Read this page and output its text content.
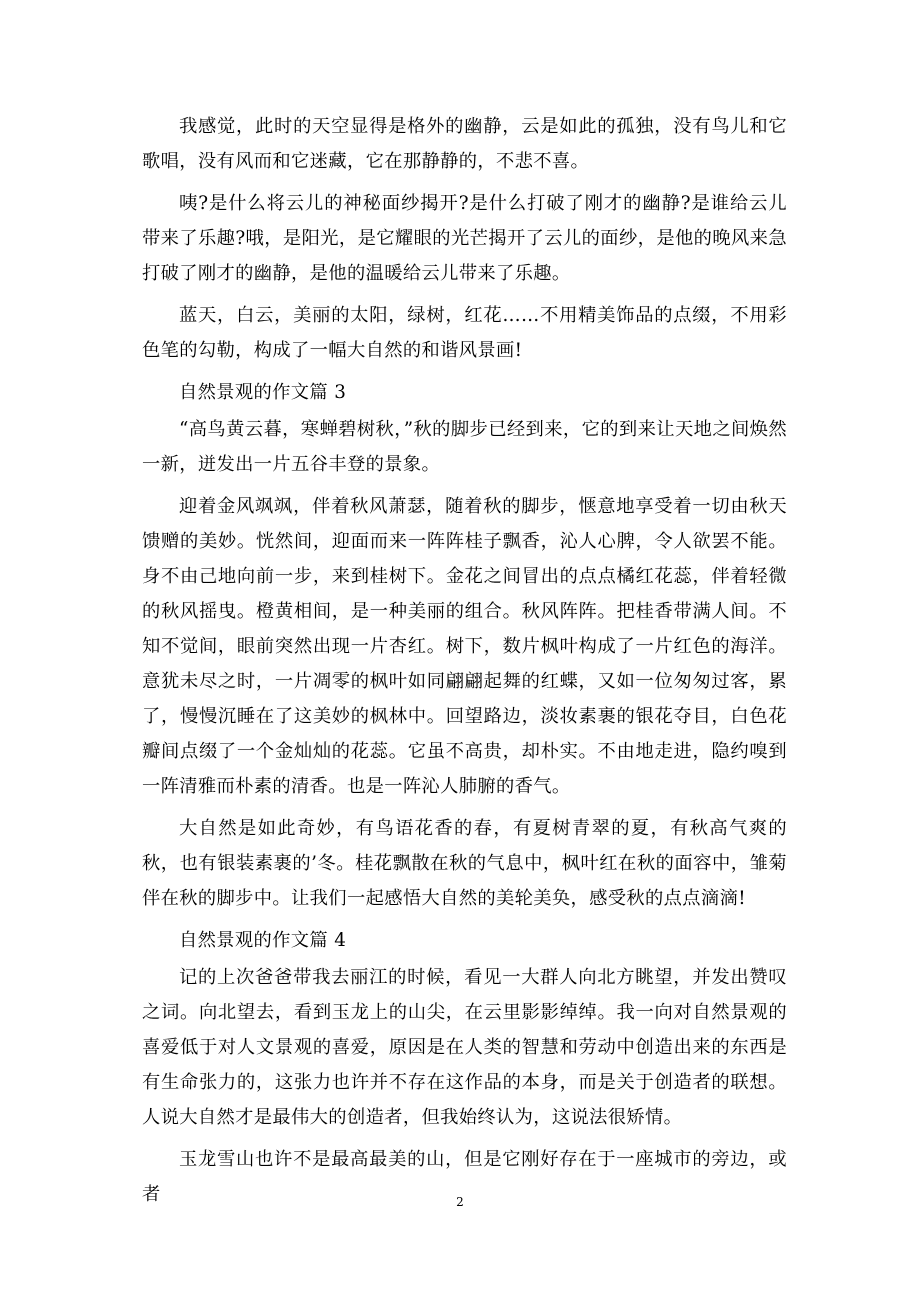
我感觉，此时的天空显得是格外的幽静，云是如此的孤独，没有鸟儿和它歌唱，没有风而和它迷藏，它在那静静的，不悲不喜。

咦?是什么将云儿的神秘面纱揭开?是什么打破了刚才的幽静?是谁给云儿带来了乐趣?哦，是阳光，是它耀眼的光芒揭开了云儿的面纱，是他的晚风来急打破了刚才的幽静，是他的温暖给云儿带来了乐趣。

蓝天，白云，美丽的太阳，绿树，红花……不用精美饰品的点缀，不用彩色笔的勾勒，构成了一幅大自然的和谐风景画!

自然景观的作文篇 3

“高鸟黄云暮，寒蝉碧树秋，”秋的脚步已经到来，它的到来让天地之间焕然一新，迸发出一片五谷丰登的景象。

迎着金风飒飒，伴着秋风萧瑟，随着秋的脚步，惬意地享受着一切由秋天馈赠的美妙。恍然间，迎面而来一阵阵桂子飘香，沁人心脾，令人欲罢不能。身不由己地向前一步，来到桂树下。金花之间冒出的点点橘红花蕊，伴着轻微的秋风摇曳。橙黄相间，是一种美丽的组合。秋风阵阵。把桂香带满人间。不知不觉间，眼前突然出现一片杏红。树下，数片枫叶构成了一片红色的海洋。意犹未尽之时，一片凋零的枫叶如同翩翩起舞的红蝶，又如一位匆匆过客，累了，慢慢沉睡在了这美妙的枫林中。回望路边，淡妆素裹的银花夺目，白色花瓣间点缀了一个金灿灿的花蕊。它虽不高贵，却朴实。不由地走进，隐约嗅到一阵清雅而朴素的清香。也是一阵沁人肺腑的香气。

大自然是如此奇妙，有鸟语花香的春，有夏树青翠的夏，有秋高气爽的秋，也有银装素裹的’冬。桂花飘散在秋的气息中，枫叶红在秋的面容中，雏菊伴在秋的脚步中。让我们一起感悟大自然的美轮美奂，感受秋的点点滴滴!

自然景观的作文篇 4

记的上次爸爸带我去丽江的时候，看见一大群人向北方眺望，并发出赞叹之词。向北望去，看到玉龙上的山尖，在云里影影绰绰。我一向对自然景观的喜爱低于对人文景观的喜爱，原因是在人类的智慧和劳动中创造出来的东西是有生命张力的，这张力也许并不存在这作品的本身，而是关于创造者的联想。人说大自然才是最伟大的创造者，但我始终认为，这说法很矫情。

玉龙雪山也许不是最高最美的山，但是它刚好存在于一座城市的旁边，或者	2
